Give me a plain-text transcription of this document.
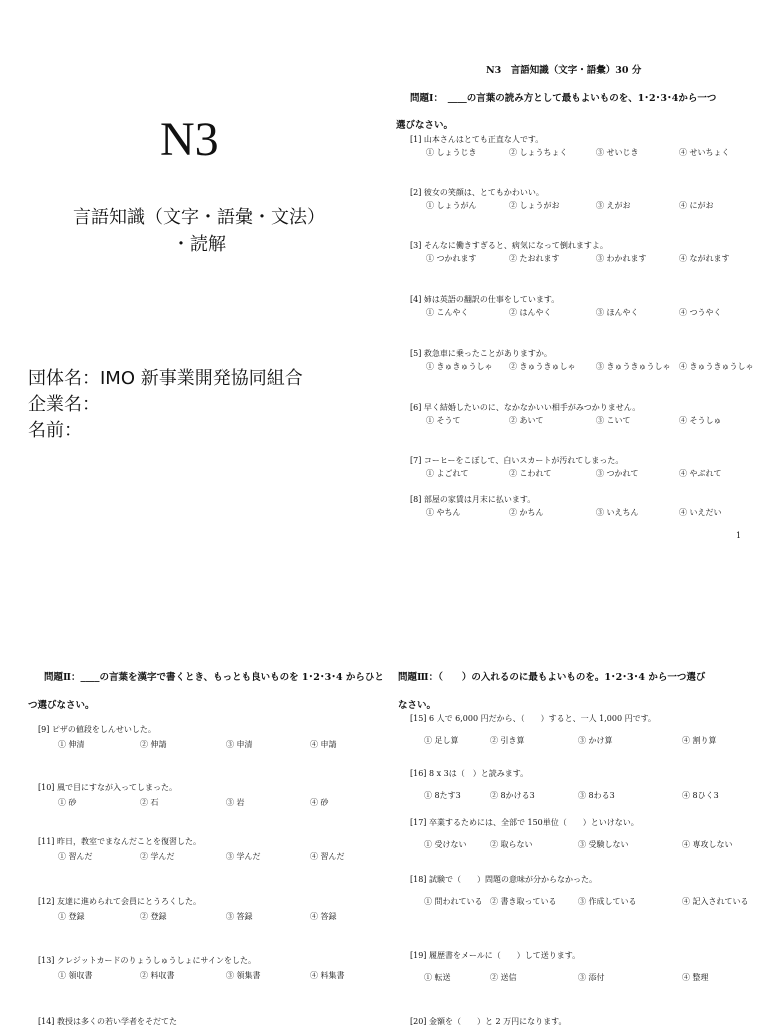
N3
言語知識（文字・語彙・文法）
・読解
団体名：IMO 新事業開発協同組合
企業名：
名前：
N3　言語知識（文字・語彙）30 分
問題Ⅰ：　____の言葉の読み方として最もよいものを、1･2･3･4から一つ
選びなさい。
[1] 山本さんはとても正直な人です。
① しょうじき	② しょうちょく	③ せいじき	④ せいちょく
[2] 彼女の笑顔は、とてもかわいい。
① しょうがん	② しょうがお	③ えがお	④ にがお
[3] そんなに働きすぎると、病気になって倒れますよ。
① つかれます	② たおれます	③ わかれます	④ ながれます
[4] 姉は英語の翻訳の仕事をしています。
① こんやく	② はんやく	③ ほんやく	④ つうやく
[5] 救急車に乗ったことがありますか。
① きゅきゅうしゃ ② きゅうきゅしゃ	③ きゅうきゅうしゃ ④ きゅうきゅうしゃ
[6] 早く結婚したいのに、なかなかいい相手がみつかりません。
① そうて	② あいて	③ こいて	④ そうしゅ
[7] コーヒーをこぼして、白いスカートが汚れてしまった。
① よごれて	② こわれて	③ つかれて	④ やぶれて
[8] 部屋の家賃は月末に払います。
① やちん	② かちん	③ いえちん	④ いえだい
1
問題Ⅱ：____の言葉を漢字で書くとき、もっとも良いものを 1･2･3･4 からひと
つ選びなさい。
[9] ピザの値段をしんせいした。
① 伸清	② 伸請	③ 申清	④ 申請
[10] 風で目にすなが入ってしまった。
① 砂	② 石	③ 岩	④ 砂
[11] 昨日，教室でまなんだことを復習した。
① 習んだ	② 学んだ	③ 学んだ	④ 習んだ
[12] 友達に進められて会員にとうろくした。
① 登録	② 登録	③ 答録	④ 答録
[13] クレジットカードのりょうしゅうしょにサインをした。
① 領収書	② 料収書	③ 領集書	④ 料集書
[14] 教授は多くの若い学者をそだてた
問題Ⅲ：（　　）の入れるのに最もよいものを。1･2･3･4 から一つ選び
なさい。
[15] 6 人で 6,000 円だから、（　　）すると、一人 1,000 円です。
① 足し算	② 引き算	③ かけ算	④ 割り算
[16] 8 x 3は（　）と読みます。
① 8たす3	② 8かける3	③ 8わる3	④ 8ひく3
[17] 卒業するためには、全部で 150単位（　　）といけない。
① 受けない	② 取らない	③ 受験しない	④ 専攻しない
[18] 試験で（　　）問題の意味が分からなかった。
① 問われている ② 書き取っている	③ 作成している	④ 記入されている
[19] 履歴書をメールに（　　）して送ります。
① 転送	② 送信	③ 添付	④ 整理
[20] 金額を（　　）と 2 万円になります。
